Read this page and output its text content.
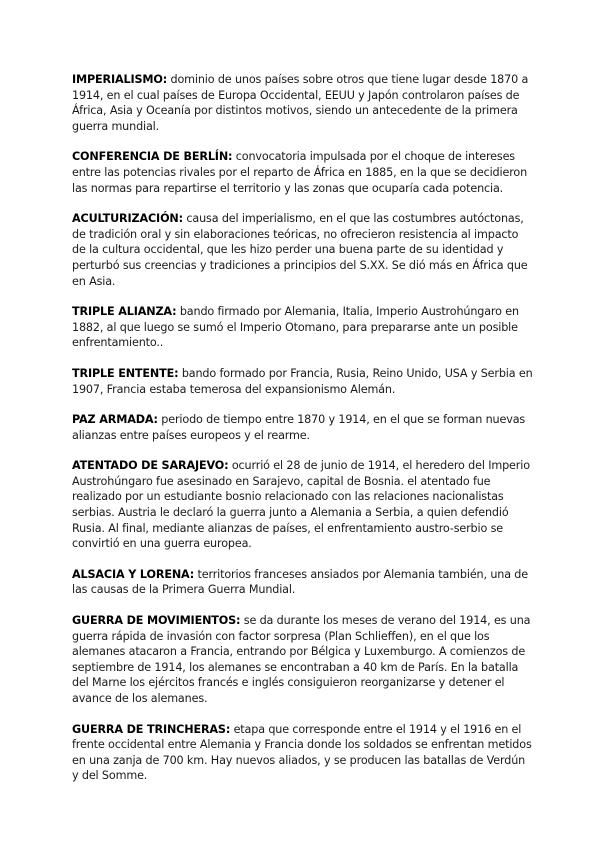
IMPERIALISMO: dominio de unos países sobre otros que tiene lugar desde 1870 a 1914, en el cual países de Europa Occidental, EEUU y Japón controlaron países de África, Asia y Oceanía por distintos motivos, siendo un antecedente de la primera guerra mundial.

CONFERENCIA DE BERLÍN: convocatoria impulsada por el choque de intereses entre las potencias rivales por el reparto de África en 1885, en la que se decidieron las normas para repartirse el territorio y las zonas que ocuparía cada potencia.

ACULTURIZACIÓN: causa del imperialismo, en el que las costumbres autóctonas, de tradición oral y sin elaboraciones teóricas, no ofrecieron resistencia al impacto de la cultura occidental, que les hizo perder una buena parte de su identidad y perturbó sus creencias y tradiciones a principios del S.XX. Se dió más en África que en Asia.

TRIPLE ALIANZA: bando firmado por Alemania, Italia, Imperio Austrohúngaro en 1882, al que luego se sumó el Imperio Otomano, para prepararse ante un posible enfrentamiento..

TRIPLE ENTENTE: bando formado por Francia, Rusia, Reino Unido, USA y Serbia en 1907, Francia estaba temerosa del expansionismo Alemán.

PAZ ARMADA: periodo de tiempo entre 1870 y 1914, en el que se forman nuevas alianzas entre países europeos y el rearme.

ATENTADO DE SARAJEVO: ocurrió el 28 de junio de 1914, el heredero del Imperio Austrohúngaro fue asesinado en Sarajevo, capital de Bosnia. el atentado fue realizado por un estudiante bosnio relacionado con las relaciones nacionalistas serbias. Austria le declaró la guerra junto a Alemania a Serbia, a quien defendió Rusia. Al final, mediante alianzas de países, el enfrentamiento austro-serbio se convirtió en una guerra europea.

ALSACIA Y LORENA: territorios franceses ansiados por Alemania también, una de las causas de la Primera Guerra Mundial.

GUERRA DE MOVIMIENTOS: se da durante los meses de verano del 1914, es una guerra rápida de invasión con factor sorpresa (Plan Schlieffen), en el que los alemanes atacaron a Francia, entrando por Bélgica y Luxemburgo. A comienzos de septiembre de 1914, los alemanes se encontraban a 40 km de París. En la batalla del Marne los ejércitos francés e inglés consiguieron reorganizarse y detener el avance de los alemanes.

GUERRA DE TRINCHERAS: etapa que corresponde entre el 1914 y el 1916 en el frente occidental entre Alemania y Francia donde los soldados se enfrentan metidos en una zanja de 700 km. Hay nuevos aliados, y se producen las batallas de Verdún y del Somme.
